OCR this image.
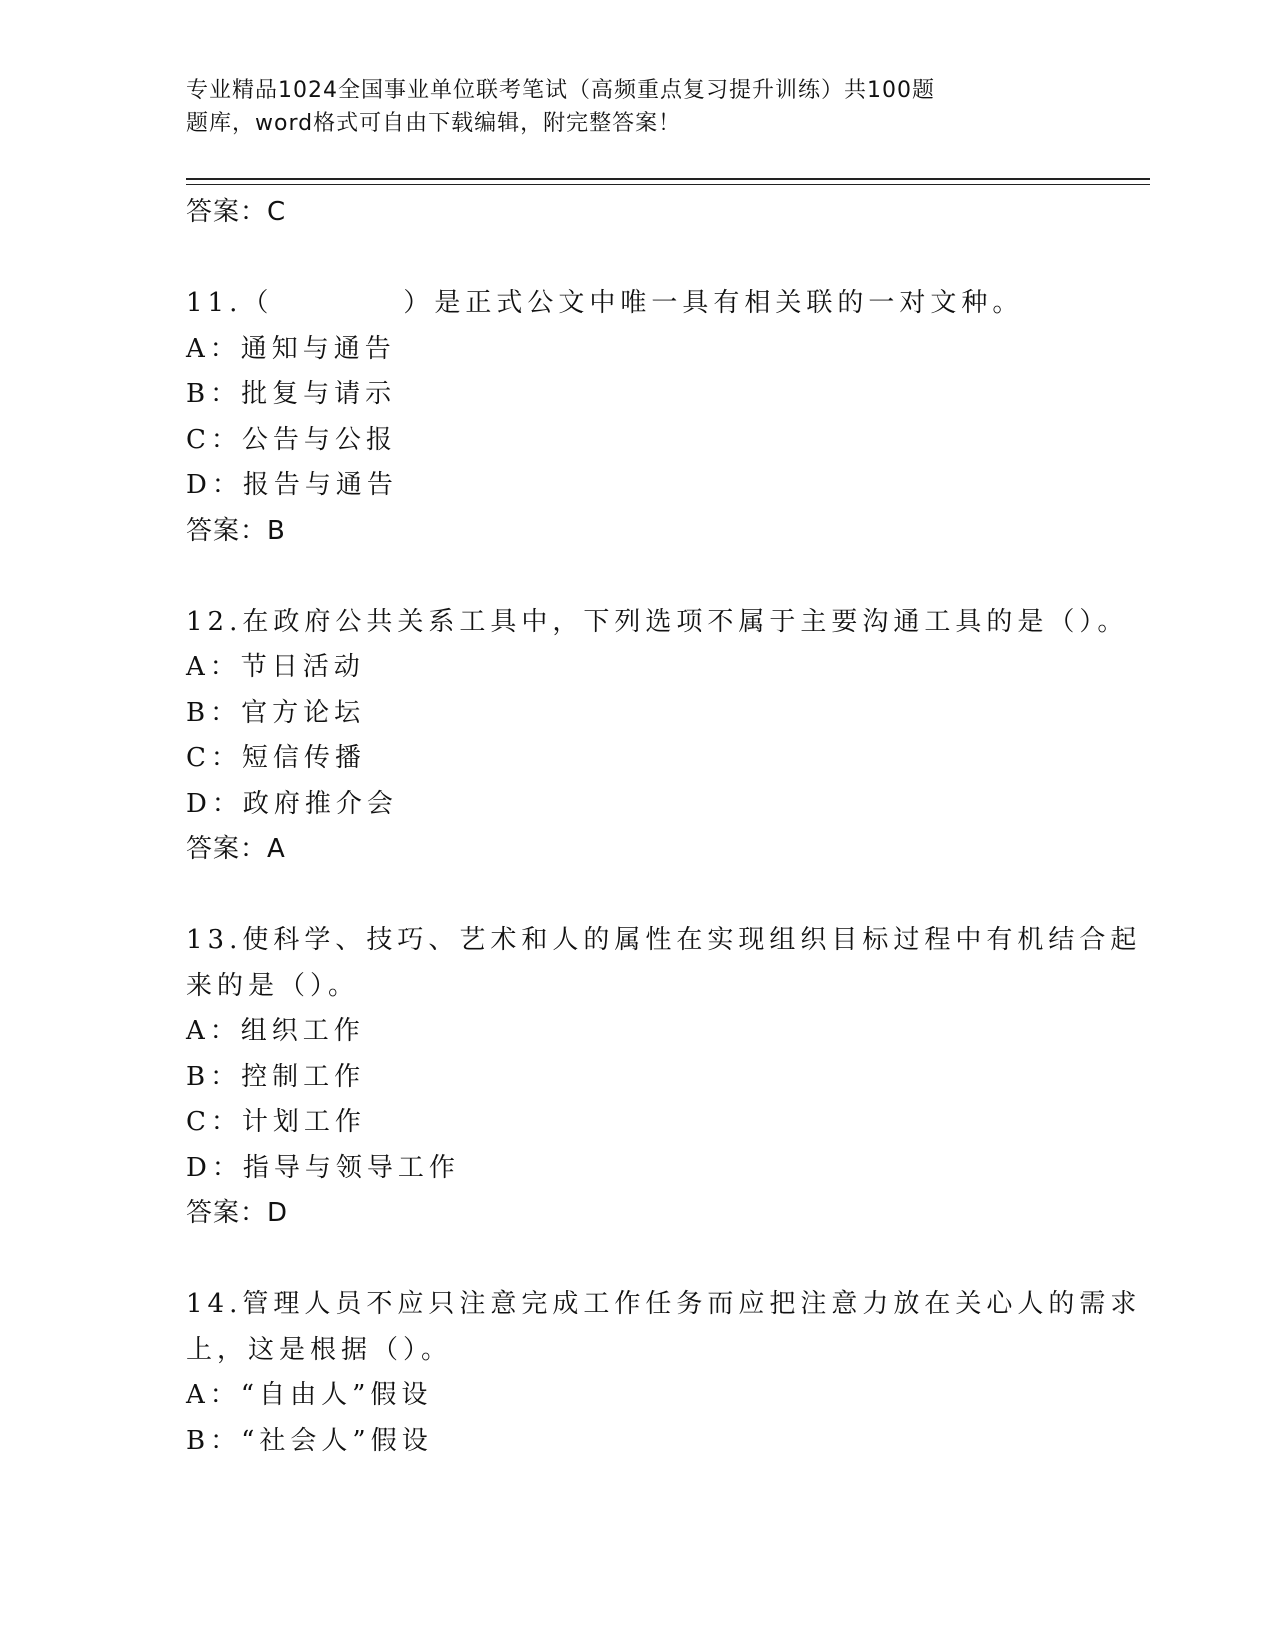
专业精品1024全国事业单位联考笔试（高频重点复习提升训练）共100题
题库，word格式可自由下载编辑，附完整答案！
答案：C
11.（	）是正式公文中唯一具有相关联的一对文种。
A：通知与通告
B：批复与请示
C：公告与公报
D：报告与通告
答案：B
12.在政府公共关系工具中，下列选项不属于主要沟通工具的是（）。
A：节日活动
B：官方论坛
C：短信传播
D：政府推介会
答案：A
13.使科学、技巧、艺术和人的属性在实现组织目标过程中有机结合起
来的是（）。
A：组织工作
B：控制工作
C：计划工作
D：指导与领导工作
答案：D
14.管理人员不应只注意完成工作任务而应把注意力放在关心人的需求
上，这是根据（）。
A：“自由人”假设
B：“社会人”假设
